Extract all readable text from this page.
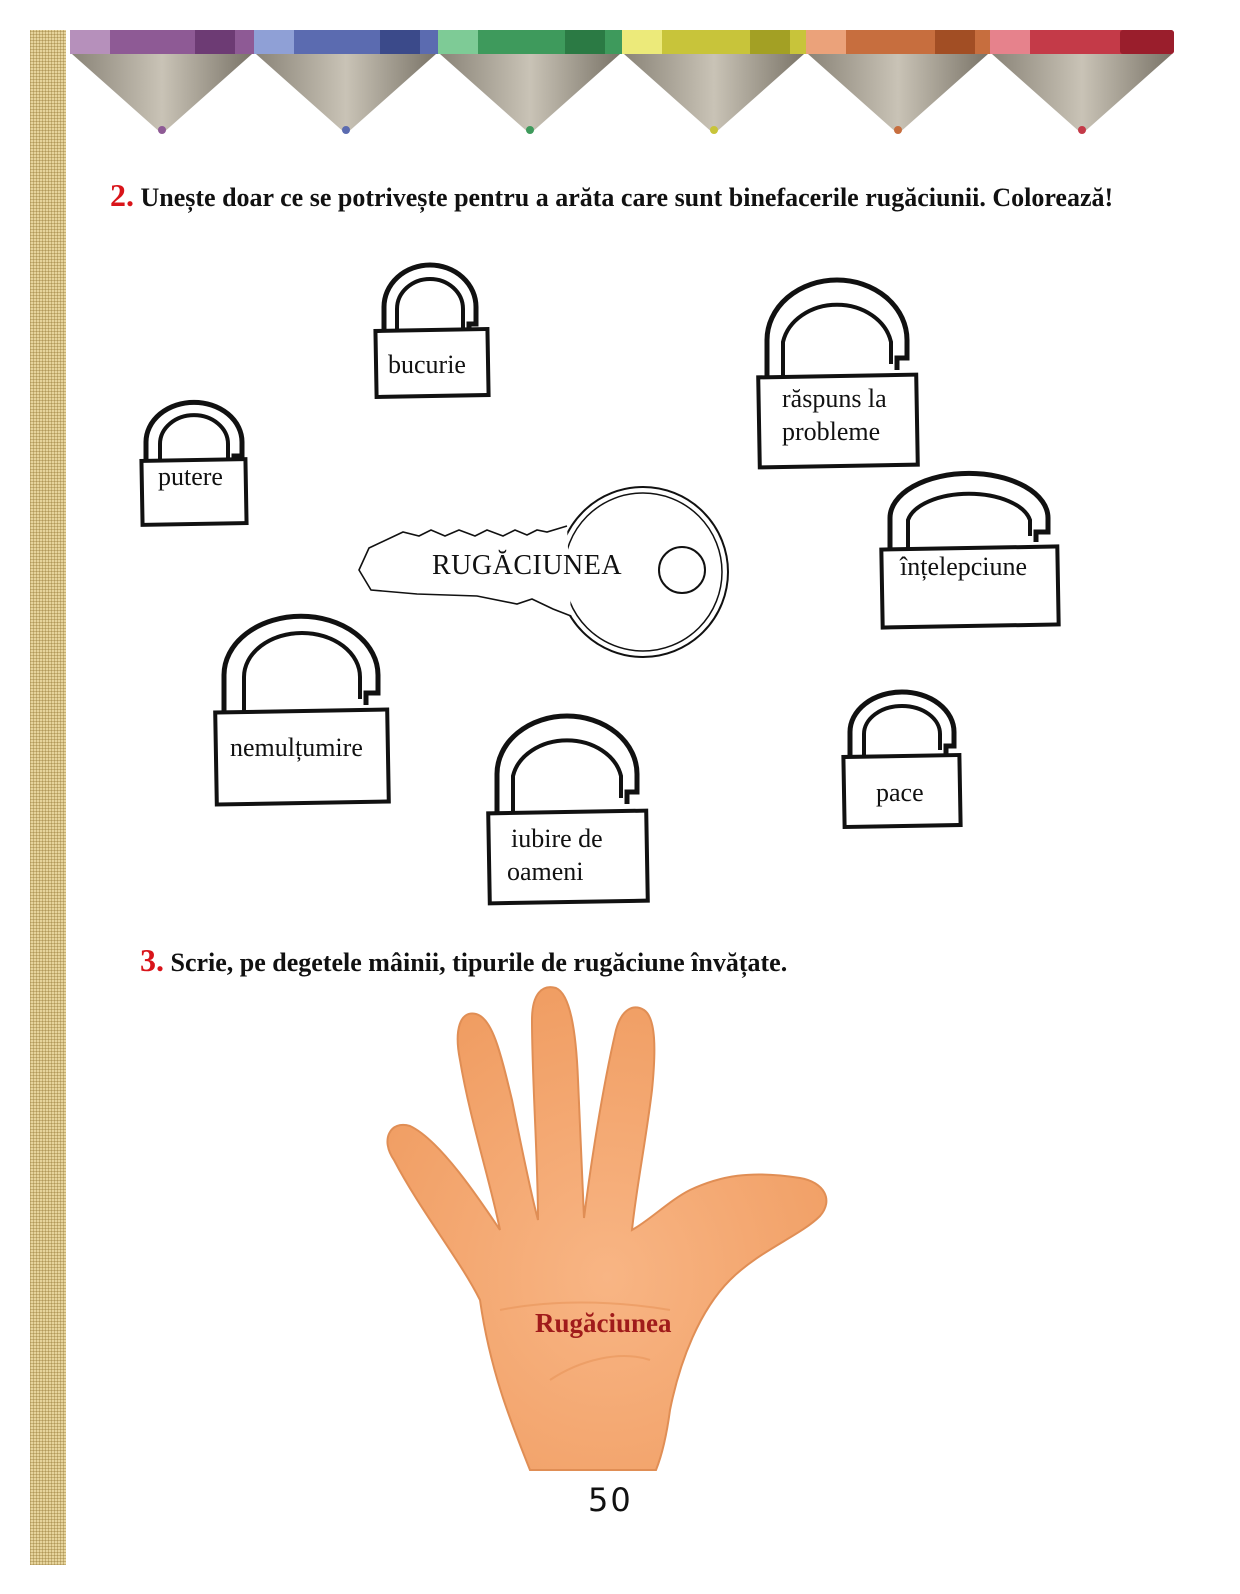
2. Unește doar ce se potrivește pentru a arăta care sunt binefacerile rugăciunii. Colorează!
bucurie
răspuns la
probleme
putere
RUGĂCIUNEA	înțelepciune
nemulțumire
iubire de
oameni
pace
3. Scrie, pe degetele mâinii, tipurile de rugăciune învățate.
Rugăciunea
50
